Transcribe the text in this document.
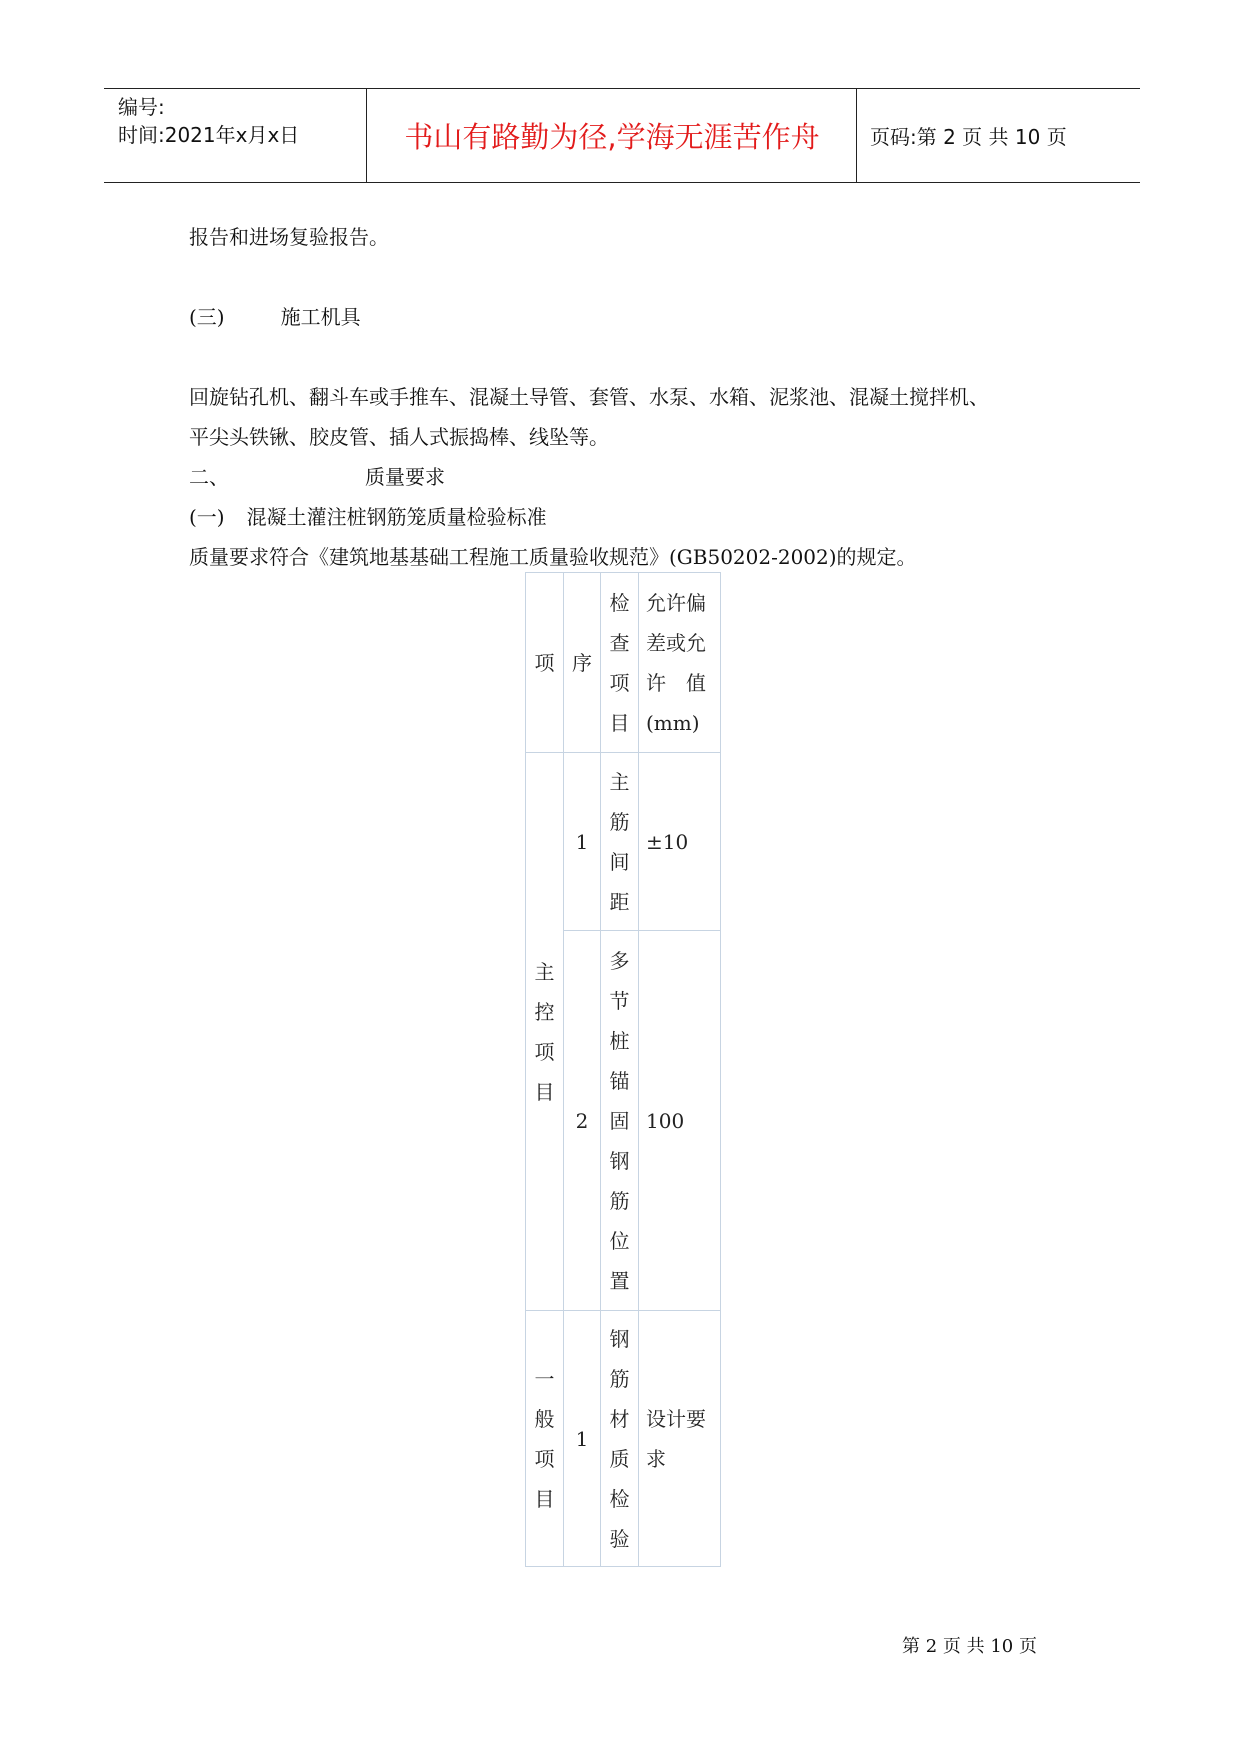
编号:
时间:2021年x月x日	书山有路勤为径,学海无涯苦作舟	页码:第 2 页 共 10 页
报告和进场复验报告。
(三)	施工机具
回旋钻孔机、翻斗车或手推车、混凝土导管、套管、水泵、水箱、泥浆池、混凝土搅拌机、
平尖头铁锹、胶皮管、插人式振捣棒、线坠等。
二、	质量要求
(一) 混凝土灌注桩钢筋笼质量检验标准
质量要求符合《建筑地基基础工程施工质量验收规范》(GB50202-2002)的规定。
项	序	检查项目	允许偏
差或允
许　值
(mm)

主控项目	1	主筋间距	±10
	2	多节桩锚固钢筋位置	100
一般项目	1	钢筋材质检验	设计要
求
第 2 页 共 10 页
